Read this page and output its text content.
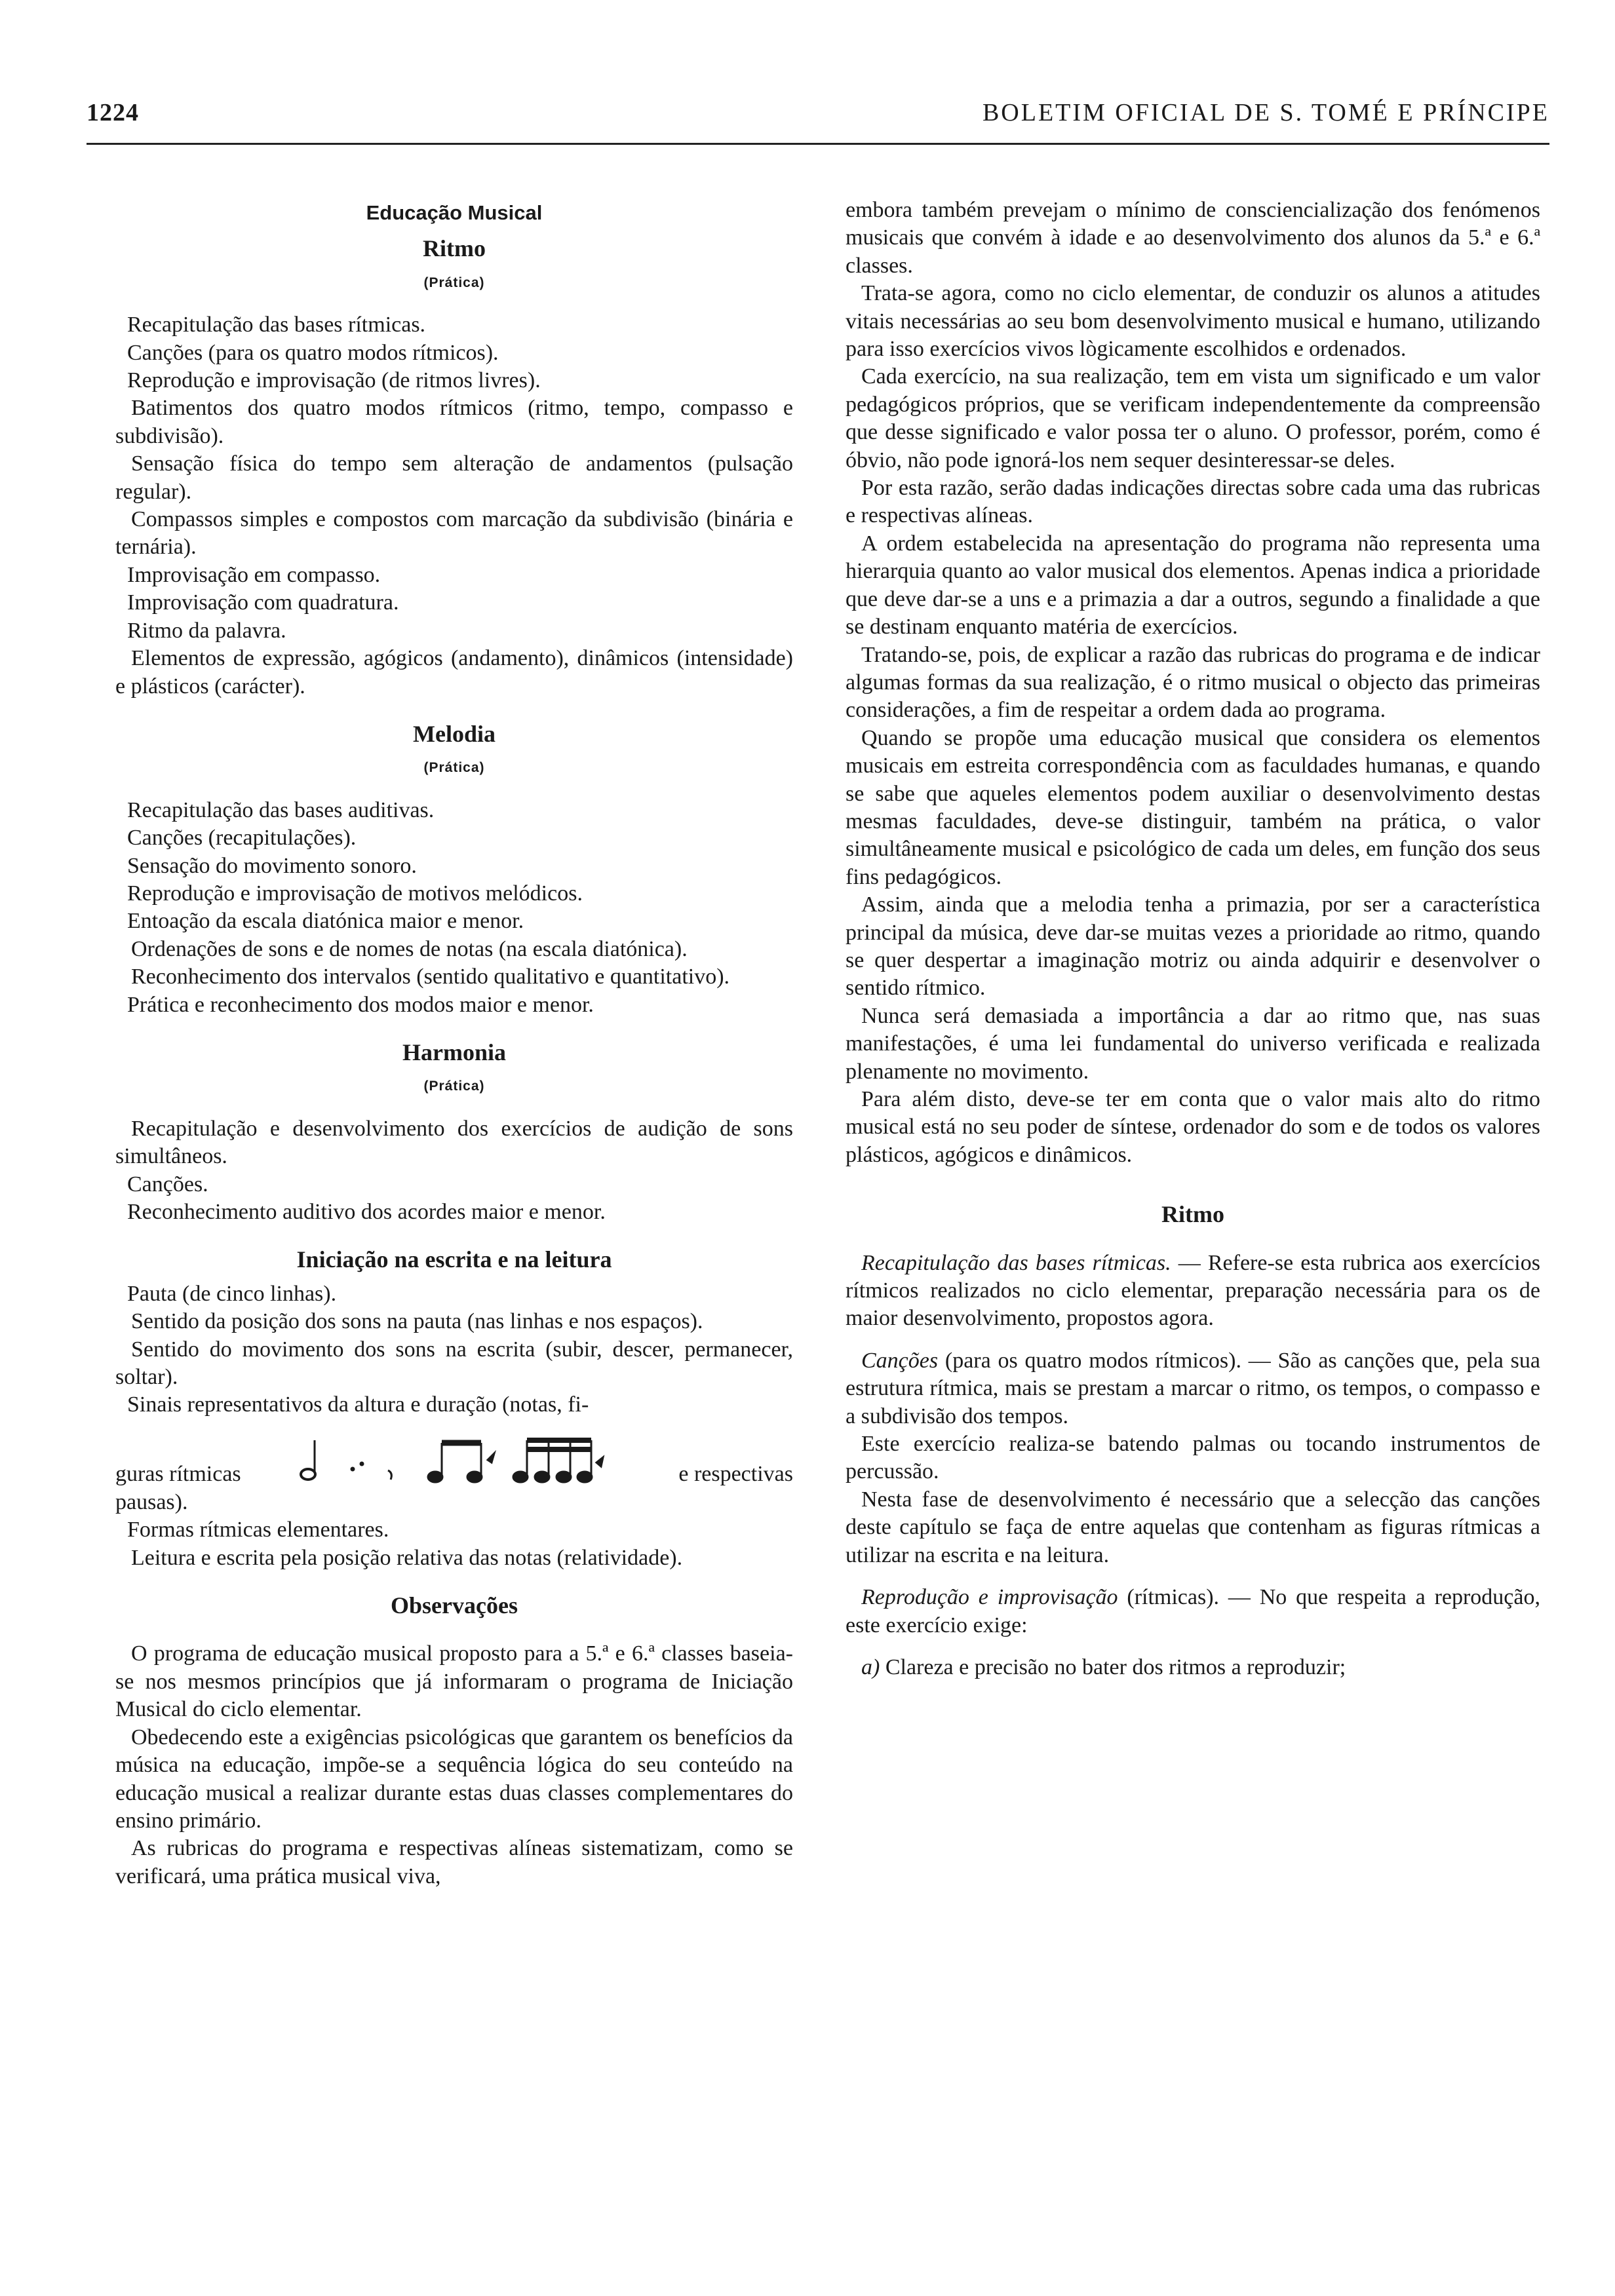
1224	BOLETIM OFICIAL DE S. TOMÉ E PRÍNCIPE
Educação Musical
Ritmo
(Prática)

Recapitulação das bases rítmicas.

Canções (para os quatro modos rítmicos).

Reprodução e improvisação (de ritmos livres).

Batimentos dos quatro modos rítmicos (ritmo, tempo, compasso e subdivisão).

Sensação física do tempo sem alteração de andamentos (pulsação regular).

Compassos simples e compostos com marcação da subdivisão (binária e ternária).

Improvisação em compasso.

Improvisação com quadratura.

Ritmo da palavra.

Elementos de expressão, agógicos (andamento), dinâmicos (intensidade) e plásticos (carácter).

Melodia
(Prática)

Recapitulação das bases auditivas.

Canções (recapitulações).

Sensação do movimento sonoro.

Reprodução e improvisação de motivos melódicos.

Entoação da escala diatónica maior e menor.

Ordenações de sons e de nomes de notas (na escala diatónica).

Reconhecimento dos intervalos (sentido qualitativo e quantitativo).

Prática e reconhecimento dos modos maior e menor.

Harmonia
(Prática)

Recapitulação e desenvolvimento dos exercícios de audição de sons simultâneos.

Canções.

Reconhecimento auditivo dos acordes maior e menor.

Iniciação na escrita e na leitura

Pauta (de cinco linhas).

Sentido da posição dos sons na pauta (nas linhas e nos espaços).

Sentido do movimento dos sons na escrita (subir, descer, permanecer, soltar).

Sinais representativos da altura e duração (notas, fi-

guras rítmicas	e respectivas

pausas).

Formas rítmicas elementares.

Leitura e escrita pela posição relativa das notas (relatividade).

Observações

O programa de educação musical proposto para a 5.ª e 6.ª classes baseia-se nos mesmos princípios que já informaram o programa de Iniciação Musical do ciclo elementar.

Obedecendo este a exigências psicológicas que garantem os benefícios da música na educação, impõe-se a sequência lógica do seu conteúdo na educação musical a realizar durante estas duas classes complementares do ensino primário.

As rubricas do programa e respectivas alíneas sistematizam, como se verificará, uma prática musical viva,

embora também prevejam o mínimo de consciencialização dos fenómenos musicais que convém à idade e ao desenvolvimento dos alunos da 5.ª e 6.ª classes.

Trata-se agora, como no ciclo elementar, de conduzir os alunos a atitudes vitais necessárias ao seu bom desenvolvimento musical e humano, utilizando para isso exercícios vivos lògicamente escolhidos e ordenados.

Cada exercício, na sua realização, tem em vista um significado e um valor pedagógicos próprios, que se verificam independentemente da compreensão que desse significado e valor possa ter o aluno. O professor, porém, como é óbvio, não pode ignorá-los nem sequer desinteressar-se deles.

Por esta razão, serão dadas indicações directas sobre cada uma das rubricas e respectivas alíneas.

A ordem estabelecida na apresentação do programa não representa uma hierarquia quanto ao valor musical dos elementos. Apenas indica a prioridade que deve dar-se a uns e a primazia a dar a outros, segundo a finalidade a que se destinam enquanto matéria de exercícios.

Tratando-se, pois, de explicar a razão das rubricas do programa e de indicar algumas formas da sua realização, é o ritmo musical o objecto das primeiras considerações, a fim de respeitar a ordem dada ao programa.

Quando se propõe uma educação musical que considera os elementos musicais em estreita correspondência com as faculdades humanas, e quando se sabe que aqueles elementos podem auxiliar o desenvolvimento destas mesmas faculdades, deve-se distinguir, também na prática, o valor simultâneamente musical e psicológico de cada um deles, em função dos seus fins pedagógicos.

Assim, ainda que a melodia tenha a primazia, por ser a característica principal da música, deve dar-se muitas vezes a prioridade ao ritmo, quando se quer despertar a imaginação motriz ou ainda adquirir e desenvolver o sentido rítmico.

Nunca será demasiada a importância a dar ao ritmo que, nas suas manifestações, é uma lei fundamental do universo verificada e realizada plenamente no movimento.

Para além disto, deve-se ter em conta que o valor mais alto do ritmo musical está no seu poder de síntese, ordenador do som e de todos os valores plásticos, agógicos e dinâmicos.

Ritmo

Recapitulação das bases rítmicas. — Refere-se esta rubrica aos exercícios rítmicos realizados no ciclo elementar, preparação necessária para os de maior desenvolvimento, propostos agora.

Canções (para os quatro modos rítmicos). — São as canções que, pela sua estrutura rítmica, mais se prestam a marcar o ritmo, os tempos, o compasso e a subdivisão dos tempos.

Este exercício realiza-se batendo palmas ou tocando instrumentos de percussão.

Nesta fase de desenvolvimento é necessário que a selecção das canções deste capítulo se faça de entre aquelas que contenham as figuras rítmicas a utilizar na escrita e na leitura.

Reprodução e improvisação (rítmicas). — No que respeita a reprodução, este exercício exige:

a) Clareza e precisão no bater dos ritmos a reproduzir;
